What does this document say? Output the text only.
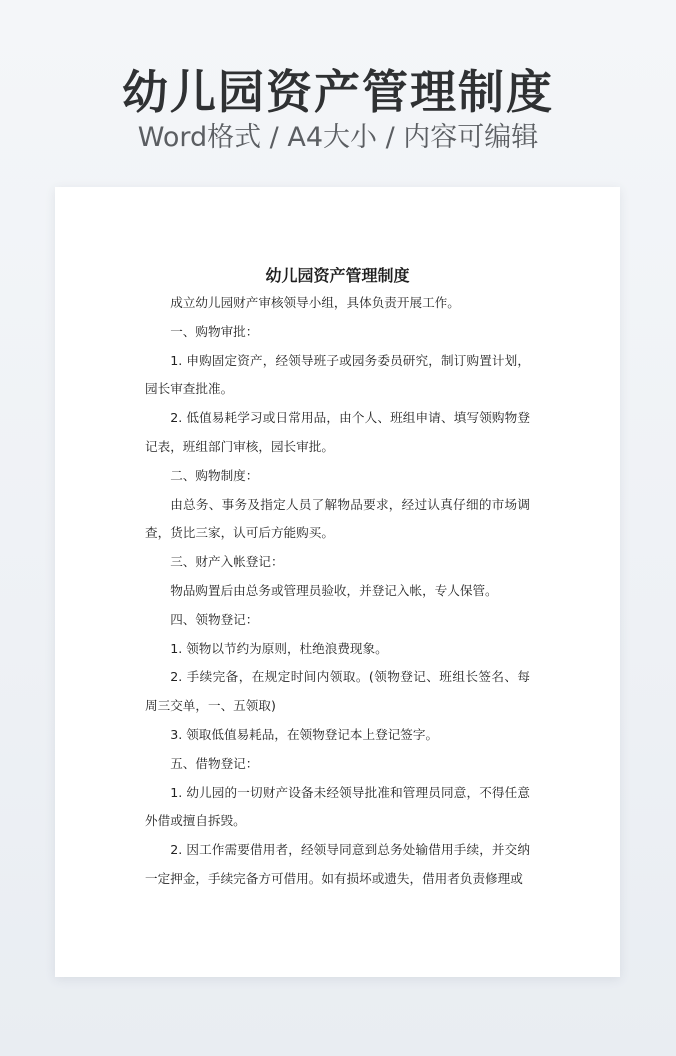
幼儿园资产管理制度
Word格式 / A4大小 / 内容可编辑
幼儿园资产管理制度

成立幼儿园财产审核领导小组，具体负责开展工作。

一、购物审批：

1. 申购固定资产，经领导班子或园务委员研究，制订购置计划，园长审查批准。

2. 低值易耗学习或日常用品，由个人、班组申请、填写领购物登记表，班组部门审核，园长审批。

二、购物制度：

由总务、事务及指定人员了解物品要求，经过认真仔细的市场调查，货比三家，认可后方能购买。

三、财产入帐登记：

物品购置后由总务或管理员验收，并登记入帐，专人保管。

四、领物登记：

1. 领物以节约为原则，杜绝浪费现象。

2. 手续完备，在规定时间内领取。(领物登记、班组长签名、每周三交单，一、五领取)

3. 领取低值易耗品，在领物登记本上登记签字。

五、借物登记：

1. 幼儿园的一切财产设备未经领导批准和管理员同意，不得任意外借或擅自拆毁。

2. 因工作需要借用者，经领导同意到总务处输借用手续，并交纳一定押金，手续完备方可借用。如有损坏或遗失，借用者负责修理或
